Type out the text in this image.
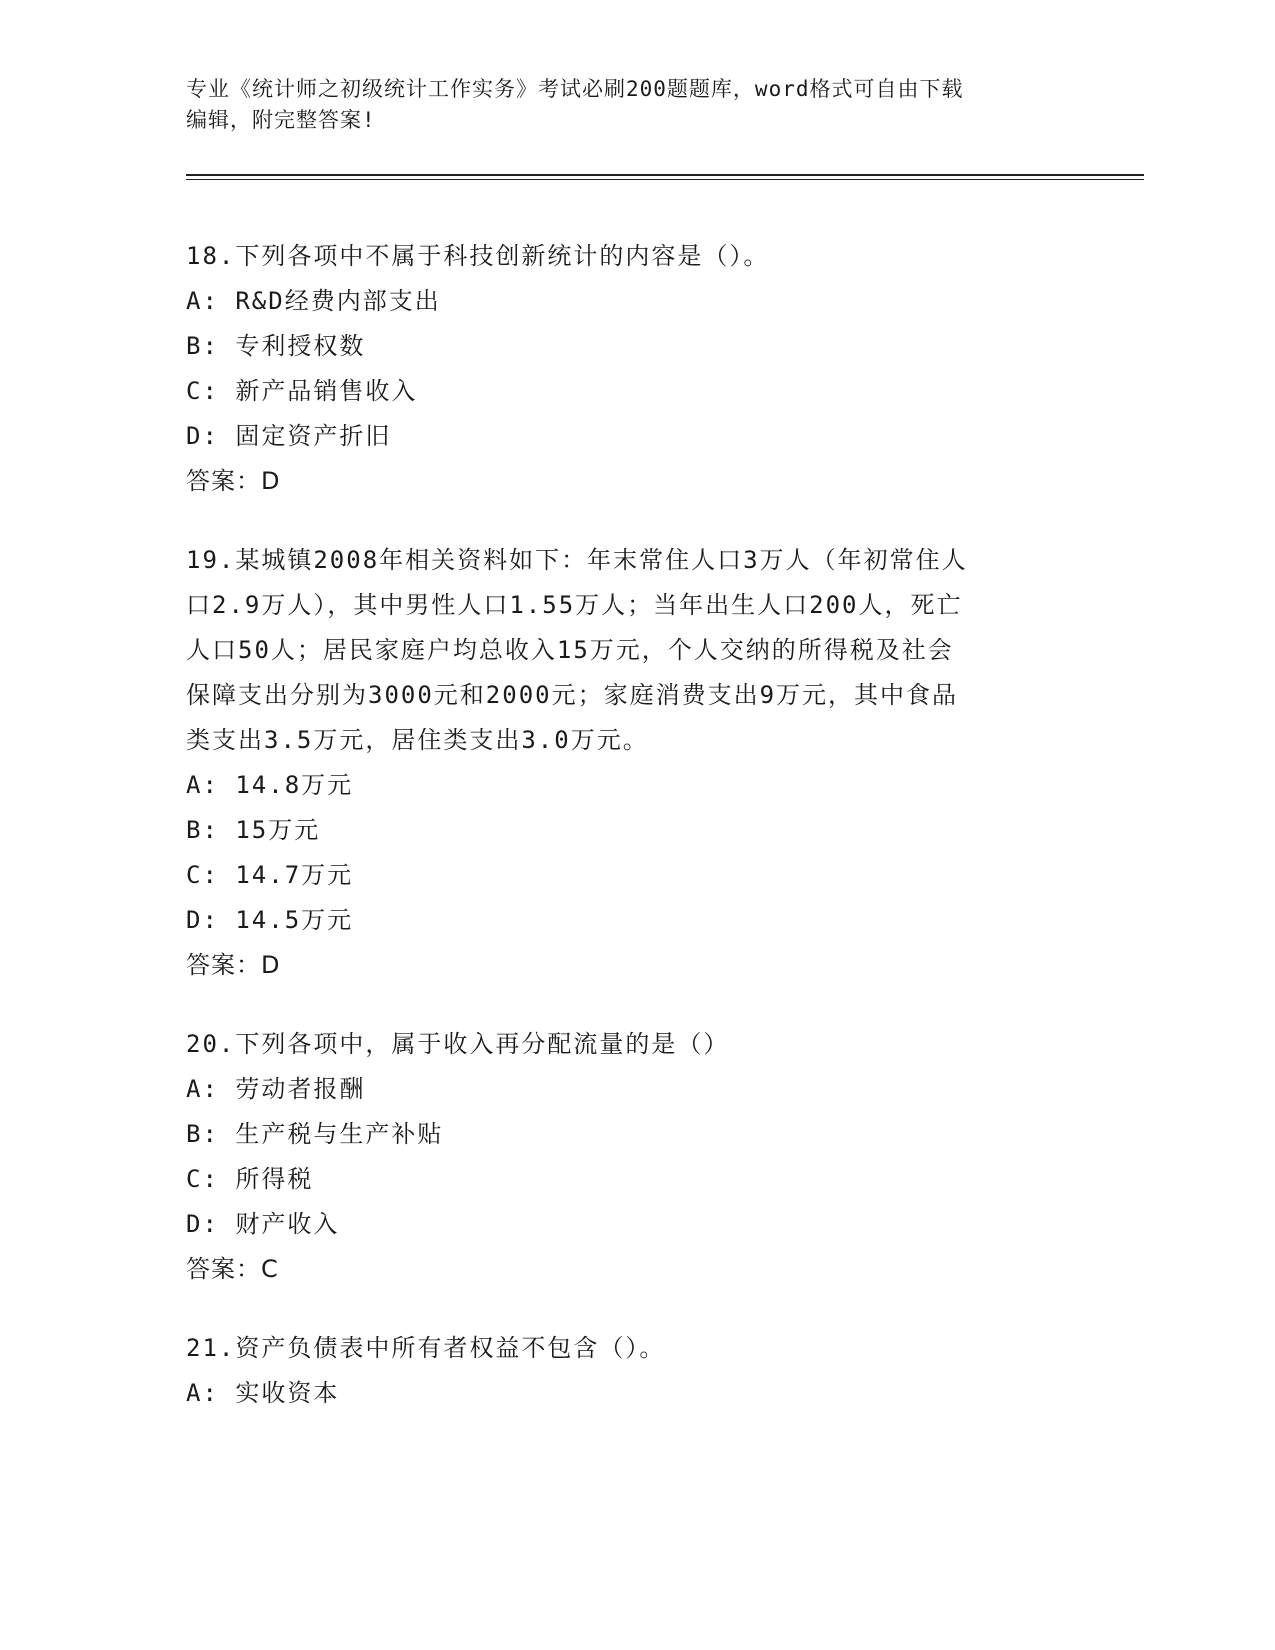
专业《统计师之初级统计工作实务》考试必刷200题题库，word格式可自由下载
编辑，附完整答案!
18.下列各项中不属于科技创新统计的内容是（）。
A: R&D经费内部支出
B: 专利授权数
C: 新产品销售收入
D: 固定资产折旧
答案：D
19.某城镇2008年相关资料如下：年末常住人口3万人（年初常住人
口2.9万人），其中男性人口1.55万人；当年出生人口200人，死亡
人口50人；居民家庭户均总收入15万元，个人交纳的所得税及社会
保障支出分别为3000元和2000元；家庭消费支出9万元，其中食品
类支出3.5万元，居住类支出3.0万元。
A: 14.8万元
B: 15万元
C: 14.7万元
D: 14.5万元
答案：D
20.下列各项中，属于收入再分配流量的是（）
A: 劳动者报酬
B: 生产税与生产补贴
C: 所得税
D: 财产收入
答案：C
21.资产负债表中所有者权益不包含（）。
A: 实收资本
